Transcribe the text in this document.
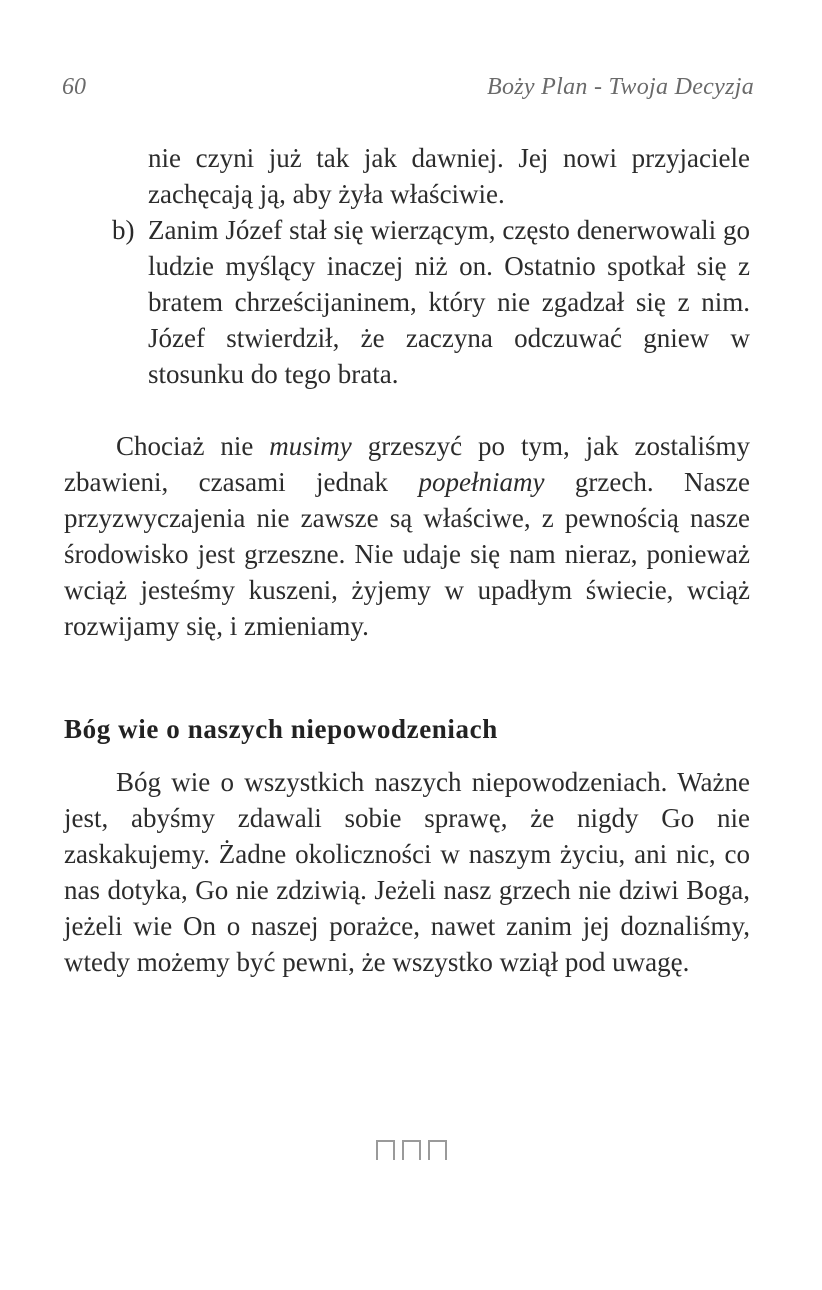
60	Boży Plan - Twoja Decyzja
nie czyni już tak jak dawniej. Jej nowi przyjaciele zachęcają ją, aby żyła właściwie.
b) Zanim Józef stał się wierzącym, często denerwowali go ludzie myślący inaczej niż on. Ostatnio spotkał się z bratem chrześcijaninem, który nie zgadzał się z nim. Józef stwierdził, że zaczyna odczuwać gniew w stosunku do tego brata.

Chociaż nie musimy grzeszyć po tym, jak zostaliśmy zbawieni, czasami jednak popełniamy grzech. Nasze przyzwyczajenia nie zawsze są właściwe, z pewnością nasze środowisko jest grzeszne. Nie udaje się nam nieraz, ponieważ wciąż jesteśmy kuszeni, żyjemy w upadłym świecie, wciąż rozwijamy się, i zmieniamy.

Bóg wie o naszych niepowodzeniach

Bóg wie o wszystkich naszych niepowodzeniach. Ważne jest, abyśmy zdawali sobie sprawę, że nigdy Go nie zaskakujemy. Żadne okoliczności w naszym życiu, ani nic, co nas dotyka, Go nie zdziwią. Jeżeli nasz grzech nie dziwi Boga, jeżeli wie On o naszej porażce, nawet zanim jej doznaliśmy, wtedy możemy być pewni, że wszystko wziął pod uwagę.
